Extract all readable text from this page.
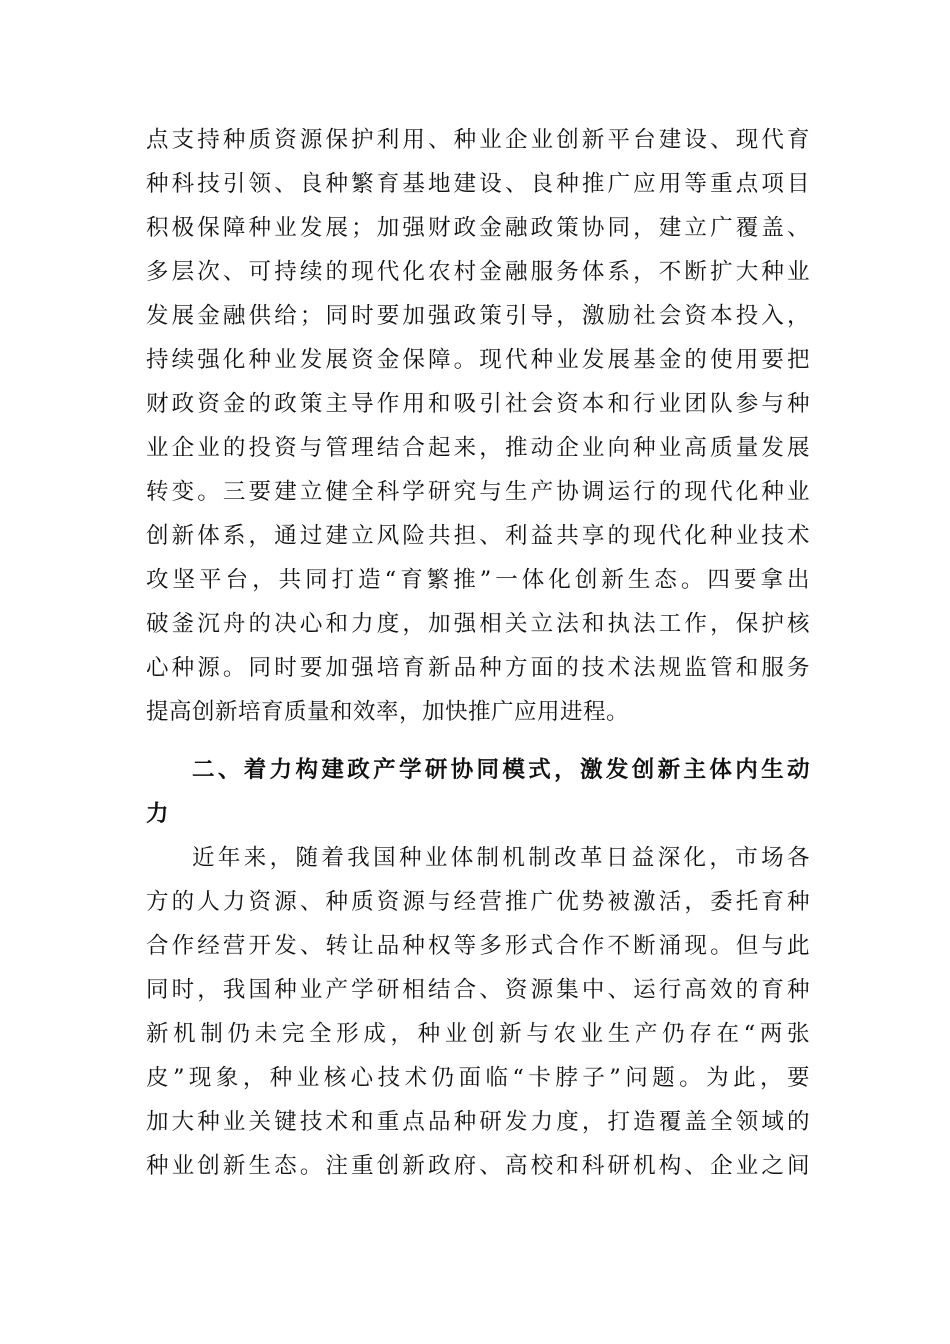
点支持种质资源保护利用、种业企业创新平台建设、现代育
种科技引领、良种繁育基地建设、良种推广应用等重点项目
积极保障种业发展；加强财政金融政策协同，建立广覆盖、
多层次、可持续的现代化农村金融服务体系，不断扩大种业
发展金融供给；同时要加强政策引导，激励社会资本投入，
持续强化种业发展资金保障。现代种业发展基金的使用要把
财政资金的政策主导作用和吸引社会资本和行业团队参与种
业企业的投资与管理结合起来，推动企业向种业高质量发展
转变。三要建立健全科学研究与生产协调运行的现代化种业
创新体系，通过建立风险共担、利益共享的现代化种业技术
攻坚平台，共同打造“育繁推”一体化创新生态。四要拿出
破釜沉舟的决心和力度，加强相关立法和执法工作，保护核
心种源。同时要加强培育新品种方面的技术法规监管和服务
提高创新培育质量和效率，加快推广应用进程。
二、着力构建政产学研协同模式，激发创新主体内生动
力
近年来，随着我国种业体制机制改革日益深化，市场各
方的人力资源、种质资源与经营推广优势被激活，委托育种
合作经营开发、转让品种权等多形式合作不断涌现。但与此
同时，我国种业产学研相结合、资源集中、运行高效的育种
新机制仍未完全形成，种业创新与农业生产仍存在“两张
皮”现象，种业核心技术仍面临“卡脖子”问题。为此，要
加大种业关键技术和重点品种研发力度，打造覆盖全领域的
种业创新生态。注重创新政府、高校和科研机构、企业之间
